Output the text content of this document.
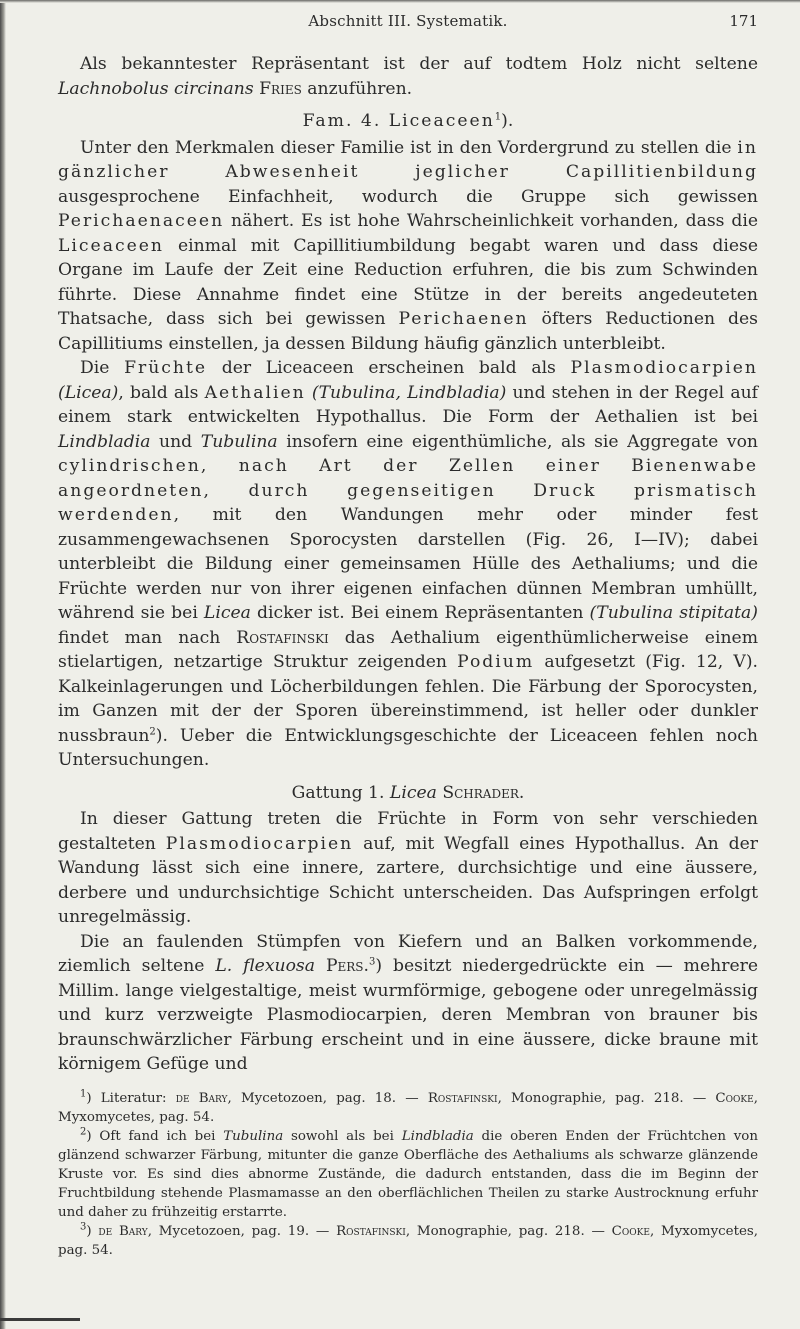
Abschnitt III. Systematik.	171

Als bekanntester Repräsentant ist der auf todtem Holz nicht seltene Lachnobolus circinans Fries anzuführen.

Fam. 4. Liceaceen$^1$).

Unter den Merkmalen dieser Familie ist in den Vordergrund zu stellen die in gänzlicher Abwesenheit jeglicher Capillitienbildung ausgesprochene Einfachheit, wodurch die Gruppe sich gewissen Perichaenaceen nähert. Es ist hohe Wahrscheinlichkeit vorhanden, dass die Liceaceen einmal mit Capillitiumbildung begabt waren und dass diese Organe im Laufe der Zeit eine Reduction erfuhren, die bis zum Schwinden führte. Diese Annahme findet eine Stütze in der bereits angedeuteten Thatsache, dass sich bei gewissen Perichaenen öfters Reductionen des Capillitiums einstellen, ja dessen Bildung häufig gänzlich unterbleibt.

Die Früchte der Liceaceen erscheinen bald als Plasmodiocarpien (Licea), bald als Aethalien (Tubulina, Lindbladia) und stehen in der Regel auf einem stark entwickelten Hypothallus. Die Form der Aethalien ist bei Lindbladia und Tubulina insofern eine eigenthümliche, als sie Aggregate von cylindrischen, nach Art der Zellen einer Bienenwabe angeordneten, durch gegenseitigen Druck prismatisch werdenden, mit den Wandungen mehr oder minder fest zusammengewachsenen Sporocysten darstellen (Fig. 26, I—IV); dabei unterbleibt die Bildung einer gemeinsamen Hülle des Aethaliums; und die Früchte werden nur von ihrer eigenen einfachen dünnen Membran umhüllt, während sie bei Licea dicker ist. Bei einem Repräsentanten (Tubulina stipitata) findet man nach Rostafinski das Aethalium eigenthümlicherweise einem stielartigen, netzartige Struktur zeigenden Podium aufgesetzt (Fig. 12, V). Kalkeinlagerungen und Löcherbildungen fehlen. Die Färbung der Sporocysten, im Ganzen mit der der Sporen übereinstimmend, ist heller oder dunkler nussbraun$^2$). Ueber die Entwicklungsgeschichte der Liceaceen fehlen noch Untersuchungen.

Gattung 1. Licea Schrader.

In dieser Gattung treten die Früchte in Form von sehr verschieden gestalteten Plasmodiocarpien auf, mit Wegfall eines Hypothallus. An der Wandung lässt sich eine innere, zartere, durchsichtige und eine äussere, derbere und undurchsichtige Schicht unterscheiden. Das Aufspringen erfolgt unregelmässig.

Die an faulenden Stümpfen von Kiefern und an Balken vorkommende, ziemlich seltene L. flexuosa Pers.$^3$) besitzt niedergedrückte ein — mehrere Millim. lange vielgestaltige, meist wurmförmige, gebogene oder unregelmässig und kurz verzweigte Plasmodiocarpien, deren Membran von brauner bis braunschwärzlicher Färbung erscheint und in eine äussere, dicke braune mit körnigem Gefüge und

$^1$) Literatur: de Bary, Mycetozoen, pag. 18. — Rostafinski, Monographie, pag. 218. — Cooke, Myxomycetes, pag. 54.

$^2$) Oft fand ich bei Tubulina sowohl als bei Lindbladia die oberen Enden der Früchtchen von glänzend schwarzer Färbung, mitunter die ganze Oberfläche des Aethaliums als schwarze glänzende Kruste vor. Es sind dies abnorme Zustände, die dadurch entstanden, dass die im Beginn der Fruchtbildung stehende Plasmamasse an den oberflächlichen Theilen zu starke Austrocknung erfuhr und daher zu frühzeitig erstarrte.

$^3$) de Bary, Mycetozoen, pag. 19. — Rostafinski, Monographie, pag. 218. — Cooke, Myxomycetes, pag. 54.
